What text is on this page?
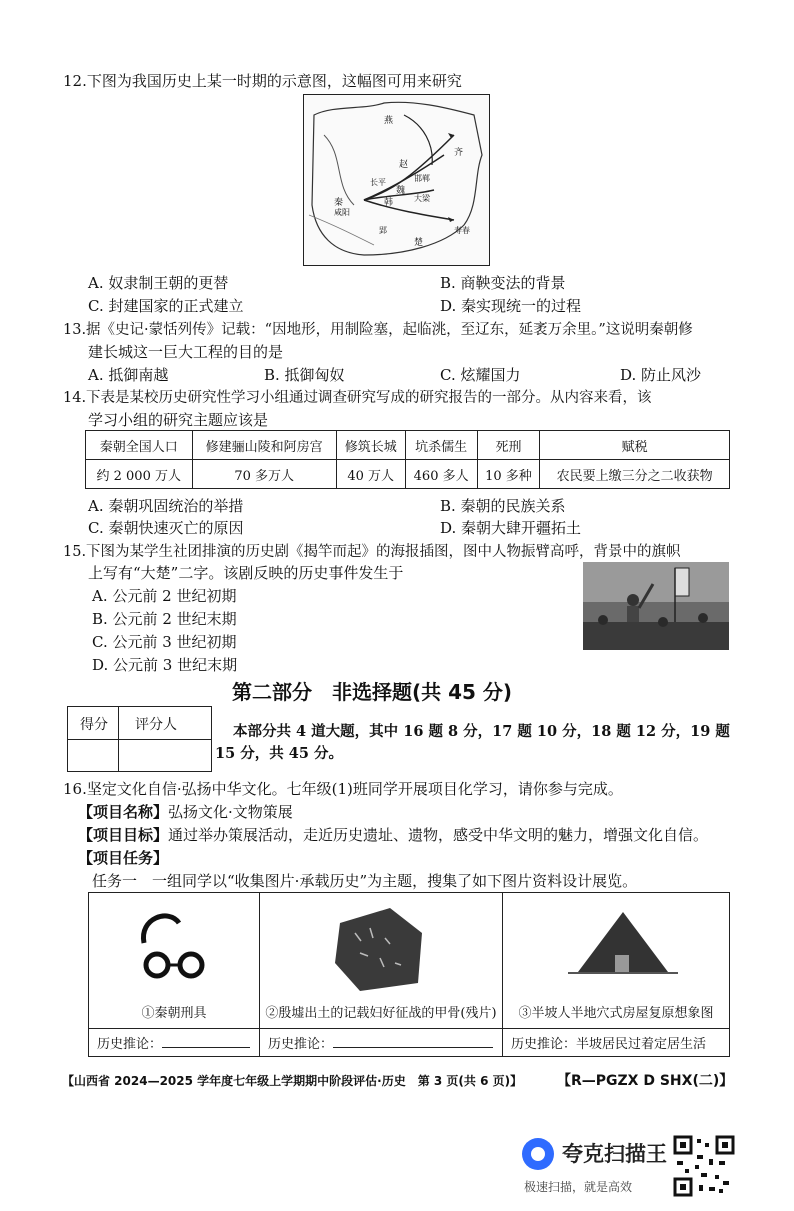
12.下图为我国历史上某一时期的示意图，这幅图可用来研究
燕
齐
赵
魏
韩
楚
秦
长平
咸阳
邯郸
大梁
郢	寿春
A. 奴隶制王朝的更替	B. 商鞅变法的背景
C. 封建国家的正式建立	D. 秦实现统一的过程
13.据《史记·蒙恬列传》记载：“因地形，用制险塞，起临洮，至辽东，延袤万余里。”这说明秦朝修
建长城这一巨大工程的目的是
A. 抵御南越	B. 抵御匈奴	C. 炫耀国力	D. 防止风沙
14.下表是某校历史研究性学习小组通过调查研究写成的研究报告的一部分。从内容来看，该
学习小组的研究主题应该是
秦朝全国人口	修建骊山陵和阿房宫	修筑长城	坑杀儒生	死刑	赋税
约 2 000 万人	70 多万人	40 万人	460 多人	10 多种	农民要上缴三分之二收获物
A. 秦朝巩固统治的举措	B. 秦朝的民族关系
C. 秦朝快速灭亡的原因	D. 秦朝大肆开疆拓土
15.下图为某学生社团排演的历史剧《揭竿而起》的海报插图，图中人物振臂高呼，背景中的旗帜
上写有“大楚”二字。该剧反映的历史事件发生于
A. 公元前 2 世纪初期
B. 公元前 2 世纪末期
C. 公元前 3 世纪初期
D. 公元前 3 世纪末期
第二部分　非选择题(共 45 分)
得分 评分人	本部分共 4 道大题，其中 16 题 8 分，17 题 10 分，18 题 12 分，19 题
15 分，共 45 分。
16.坚定文化自信·弘扬中华文化。七年级(1)班同学开展项目化学习，请你参与完成。
【项目名称】弘扬文化·文物策展
【项目目标】通过举办策展活动，走近历史遗址、遗物，感受中华文明的魅力，增强文化自信。
【项目任务】
任务一　一组同学以“收集图片·承载历史”为主题，搜集了如下图片资料设计展览。
①秦朝刑具	②殷墟出土的记载妇好征战的甲骨(残片)	③半坡人半地穴式房屋复原想象图

历史推论：	历史推论：	历史推论：半坡居民过着定居生活
【山西省 2024—2025 学年度七年级上学期期中阶段评估·历史　第 3 页(共 6 页)】 【R—PGZX D SHX(二)】
夸克扫描王
极速扫描，就是高效
